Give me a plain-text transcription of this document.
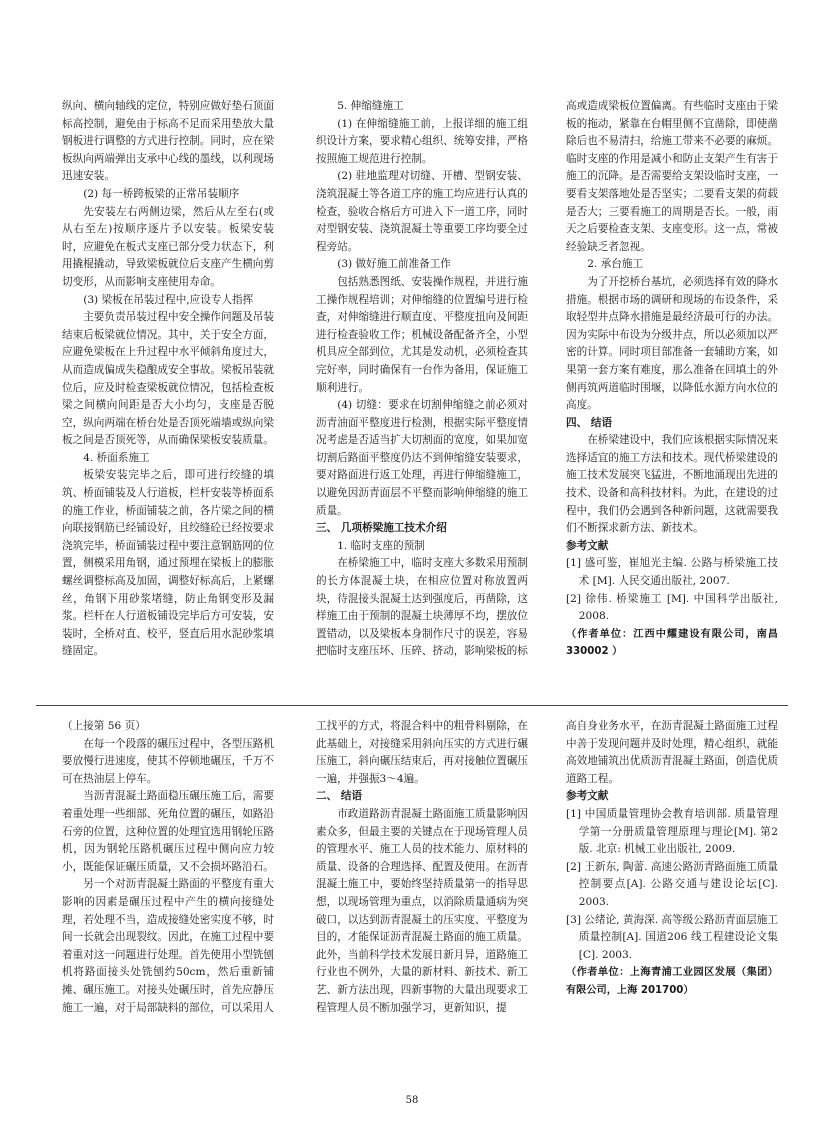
纵向、横向轴线的定位，特别应做好垫石顶面标高控制，避免由于标高不足而采用垫放大量钢板进行调整的方式进行控制。同时，应在梁板纵向两端弹出支承中心线的墨线，以利现场迅速安装。

(2) 每一桥跨板梁的正常吊装顺序

先安装左右两侧边梁，然后从左至右(或从右至左)按顺序逐片予以安装。板梁安装时，应避免在板式支座已部分受力状态下，利用撬棍撬动，导致梁板就位后支座产生横向剪切变形，从而影响支座使用寿命。

(3) 梁板在吊装过程中,应设专人指挥

主要负责吊装过程中安全操作问题及吊装结束后板梁就位情况。其中，关于安全方面，应避免梁板在上升过程中水平倾斜角度过大，从而造成偏成失稳酿成安全事故。梁板吊装就位后，应及时检查梁板就位情况，包括检查板梁之间横向间距是否大小均匀，支座是否脱空，纵向两端在桥台处是否顶死端墙或纵向梁板之间是否顶死等，从而确保梁板安装质量。

4. 桥面系施工

板梁安装完毕之后，即可进行绞缝的填筑、桥面铺装及人行道板，栏杆安装等桥面系的施工作业，桥面铺装之前，各片梁之间的横向联接钢筋已经铺设好，且绞缝砼已经按要求浇筑完毕，桥面铺装过程中要注意钢筋网的位置，侧模采用角钢，通过预埋在梁板上的膨胀螺丝调整标高及加固，调整好标高后，上紧螺丝，角钢下用砂浆堵缝，防止角钢变形及漏浆。栏杆在人行道板铺设完毕后方可安装，安装时，全桥对直、校平，竖直后用水泥砂浆填缝固定。

5. 伸缩缝施工

(1) 在伸缩缝施工前，上报详细的施工组织设计方案，要求精心组织、统筹安排，严格按照施工规范进行控制。

(2) 驻地监理对切缝、开槽、型钢安装、浇筑混凝土等各道工序的施工均应进行认真的检查，验收合格后方可进入下一道工序，同时对型钢安装、浇筑混凝土等重要工序均要全过程旁站。

(3) 做好施工前准备工作

包括熟悉图纸、安装操作规程，并进行施工操作规程培训；对伸缩缝的位置编号进行检查，对伸缩缝进行顺直度、平整度扭向及间距进行检查验收工作；机械设备配备齐全，小型机具应全部到位，尤其是发动机，必须检查其完好率，同时确保有一台作为备用，保证施工顺利进行。

(4) 切缝：要求在切割伸缩缝之前必须对沥青油面平整度进行检测，根据实际平整度情况考虑是否适当扩大切割面的宽度，如果加宽切割后路面平整度仍达不到伸缩缝安装要求，要对路面进行返工处理，再进行伸缩缝施工，以避免因沥青面层不平整而影响伸缩缝的施工质量。

三、 几项桥梁施工技术介绍

1. 临时支座的预制

在桥梁施工中，临时支座大多数采用预制的长方体混凝土块，在相应位置对称放置两块，待混接头混凝土达到强度后，再凿除，这样施工由于预制的混凝土块薄厚不均，摆放位置错动，以及梁板本身制作尺寸的误差，容易把临时支座压坏、压碎、挤动，影响梁板的标

高或造成梁板位置偏离。有些临时支座由于梁板的拖动，紧靠在台帽里侧不宜凿除，即使凿除后也不易清扫，给施工带来不必要的麻烦。临时支座的作用是减小和防止支架产生有害于施工的沉降。是否需要给支架设临时支座，一要看支架落地处是否坚实；二要看支架的荷载是否大；三要看施工的周期是否长。一般，雨天之后要检查支架、支座变形。这一点，常被经验缺乏者忽视。

2. 承台施工

为了开挖桥台基坑，必须选择有效的降水措施。根据市场的调研和现场的布设条件，采取轻型井点降水措施是最经济最可行的办法。因为实际中布设为分级井点，所以必须加以严密的计算。同时项目部准备一套辅助方案，如果第一套方案有难度，那么准备在回填土的外侧再筑两道临时围堰，以降低水源方向水位的高度。

四、 结语

在桥梁建设中，我们应该根据实际情况来选择适宜的施工方法和技术。现代桥梁建设的施工技术发展突飞猛进，不断地涌现出先进的技术、设备和高科技材料。为此，在建设的过程中，我们仍会遇到各种新问题，这就需要我们不断探求新方法、新技术。

参考文献

[1] 盛可鉴，崔旭光主编. 公路与桥梁施工技术 [M]. 人民交通出版社, 2007.

[2] 徐伟. 桥梁施工 [M]. 中国科学出版社, 2008.

（作者单位：江西中耀建设有限公司，南昌 330002 ）

（上接第 56 页）

在每一个段落的碾压过程中，各型压路机要放慢行进速度，使其不停顿地碾压，千万不可在热油层上停车。

当沥青混凝土路面稳压碾压施工后，需要着重处理一些细部、死角位置的碾压，如路沿石旁的位置，这种位置的处理宜选用钢轮压路机，因为钢轮压路机碾压过程中侧向应力较小，既能保证碾压质量，又不会损坏路沿石。

另一个对沥青混凝土路面的平整度有重大影响的因素是碾压过程中产生的横向接缝处理，若处理不当，造成接缝处密实度不够，时间一长就会出现裂纹。因此，在施工过程中要着重对这一问题进行处理。首先使用小型铣刨机将路面接头处铣刨约50cm，然后重新铺摊、碾压施工。对接头处碾压时，首先应静压施工一遍，对于局部缺料的部位，可以采用人

工找平的方式，将混合料中的粗骨料剔除，在此基础上，对接缝采用斜向压实的方式进行碾压施工，斜向碾压结束后，再对接触位置碾压一遍，并强振3～4遍。

二、 结语

市政道路沥青混凝土路面施工质量影响因素众多，但最主要的关键点在于现场管理人员的管理水平、施工人员的技术能力、原材料的质量、设备的合理选择、配置及使用。在沥青混凝土施工中，要始终坚持质量第一的指导思想，以现场管理为重点，以消除质量通病为突破口，以达到沥青混凝土的压实度、平整度为目的，才能保证沥青混凝土路面的施工质量。此外，当前科学技术发展日新月异，道路施工行业也不例外，大量的新材料、新技术、新工艺、新方法出现，四新事物的大量出现要求工程管理人员不断加强学习，更新知识，提

高自身业务水平，在沥青混凝土路面施工过程中善于发现问题并及时处理，精心组织，就能高效地铺筑出优质沥青混凝土路面，创造优质道路工程。

参考文献

[1] 中国质量管理协会教育培训部. 质量管理学第一分册质量管理原理与理论[M]. 第2版. 北京: 机械工业出版社, 2009.

[2] 王新东, 陶蕾. 高速公路沥青路面施工质量控制要点[A]. 公路交通与建设论坛[C]. 2003.

[3] 公绪论, 黄海深. 高等级公路沥青面层施工质量控制[A]. 国道206 线工程建设论文集[C]. 2003.

（作者单位：上海青浦工业园区发展（集团）有限公司，上海 201700）

58
